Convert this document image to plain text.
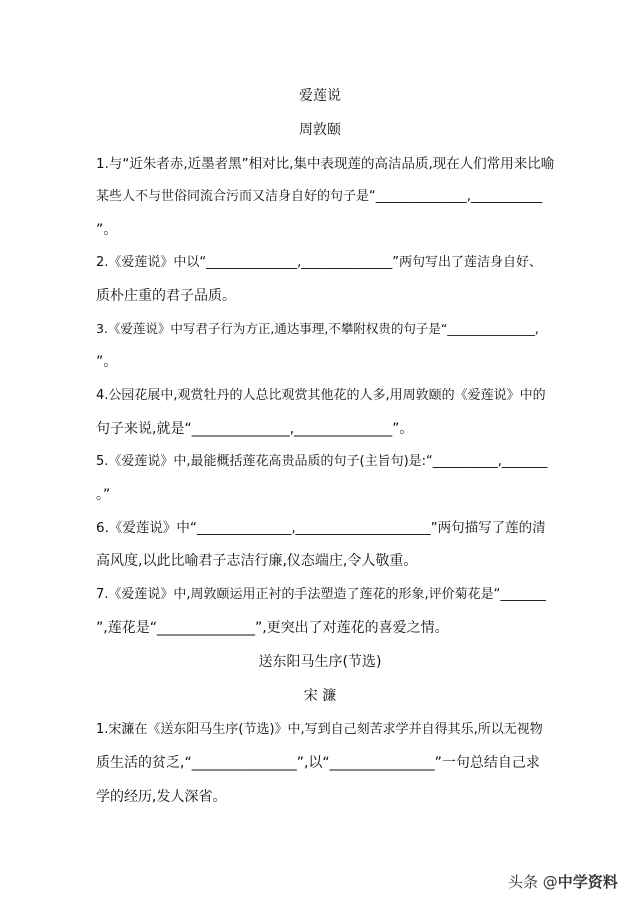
爱莲说
周敦颐
1.与“近朱者赤,近墨者黑”相对比,集中表现莲的高洁品质,现在人们常用来比喻
某些人不与世俗同流合污而又洁身自好的句子是“______________,___________
”。
2.《爱莲说》中以“______________,______________”两句写出了莲洁身自好、
质朴庄重的君子品质。
3.《爱莲说》中写君子行为方正,通达事理,不攀附权贵的句子是“______________,
”。
4.公园花展中,观赏牡丹的人总比观赏其他花的人多,用周敦颐的《爱莲说》中的
句子来说,就是“______________,______________”。
5.《爱莲说》中,最能概括莲花高贵品质的句子(主旨句)是:“__________,_______
。”
6.《爱莲说》中“______________,____________________”两句描写了莲的清
高风度,以此比喻君子志洁行廉,仪态端庄,令人敬重。
7.《爱莲说》中,周敦颐运用正衬的手法塑造了莲花的形象,评价菊花是“_______
”,莲花是“______________”,更突出了对莲花的喜爱之情。
送东阳马生序(节选)
宋 濂
1.宋濂在《送东阳马生序(节选)》中,写到自己刻苦求学并自得其乐,所以无视物
质生活的贫乏,“_______________”,以“_______________”一句总结自己求
学的经历,发人深省。
头条 @中学资料
